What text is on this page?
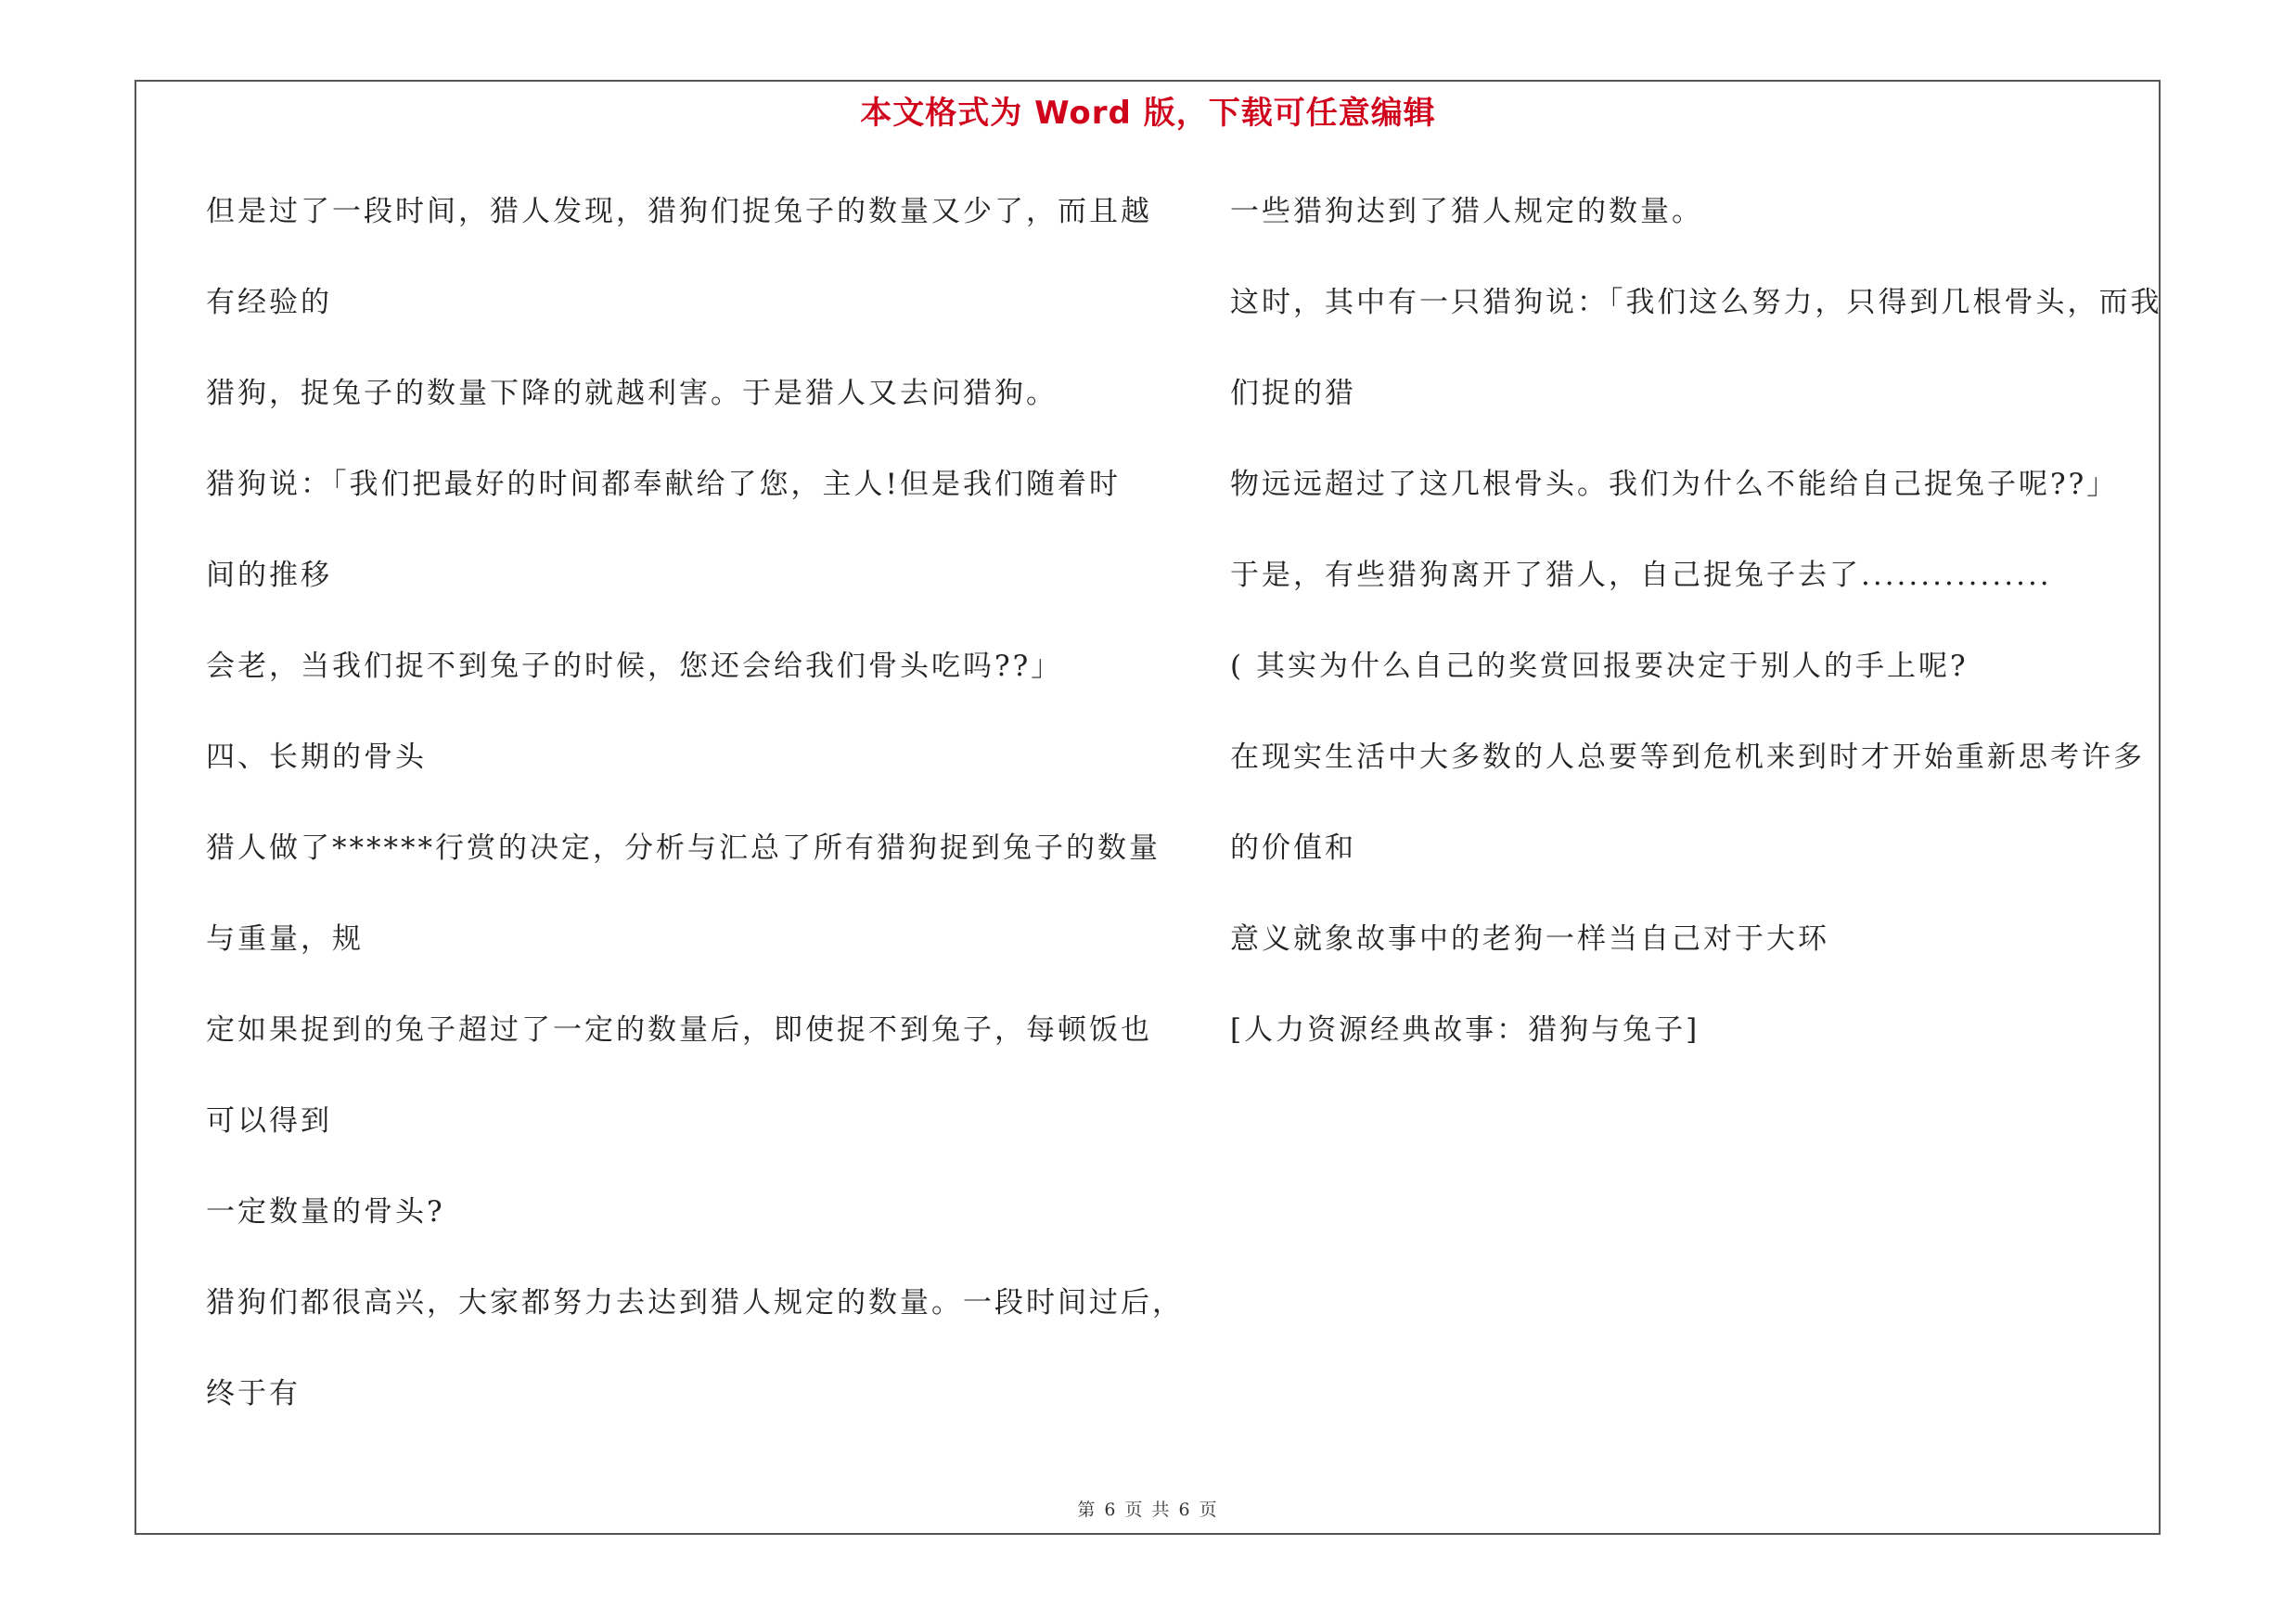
本文格式为 Word 版，下载可任意编辑
但是过了一段时间，猎人发现，猎狗们捉兔子的数量又少了，而且越
有经验的
猎狗，捉兔子的数量下降的就越利害。于是猎人又去问猎狗。
猎狗说：「我们把最好的时间都奉献给了您，主人!但是我们随着时
间的推移
会老，当我们捉不到兔子的时候，您还会给我们骨头吃吗??」
四、长期的骨头
猎人做了******行赏的决定，分析与汇总了所有猎狗捉到兔子的数量
与重量，规
定如果捉到的兔子超过了一定的数量后，即使捉不到兔子，每顿饭也
可以得到
一定数量的骨头?
猎狗们都很高兴，大家都努力去达到猎人规定的数量。一段时间过后，
终于有
一些猎狗达到了猎人规定的数量。
这时，其中有一只猎狗说：「我们这么努力，只得到几根骨头，而我
们捉的猎
物远远超过了这几根骨头。我们为什么不能给自己捉兔子呢??」
于是，有些猎狗离开了猎人，自己捉兔子去了................
( 其实为什么自己的奖赏回报要决定于别人的手上呢?
在现实生活中大多数的人总要等到危机来到时才开始重新思考许多
的价值和
意义就象故事中的老狗一样当自己对于大环
[人力资源经典故事：猎狗与兔子]
第 6 页 共 6 页
